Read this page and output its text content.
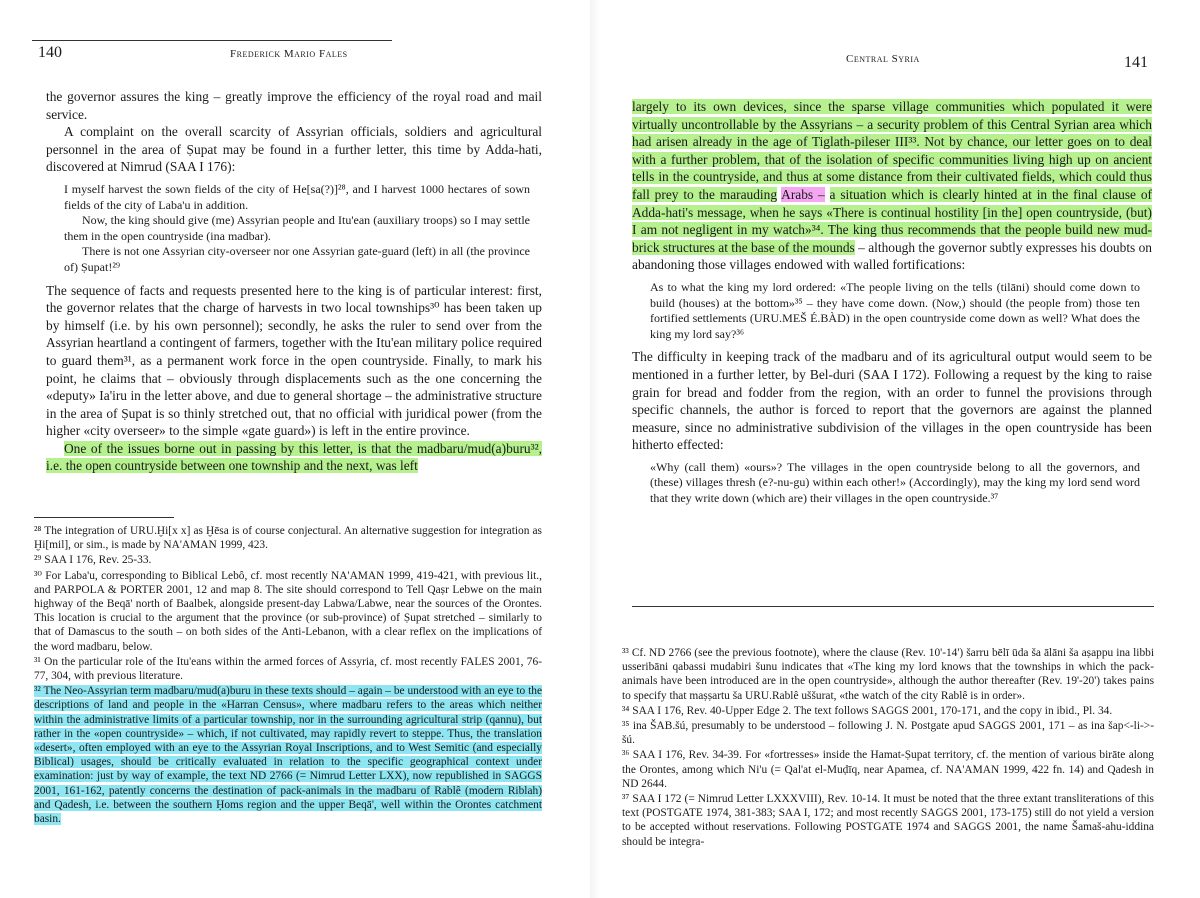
140	Frederick Mario Fales

the governor assures the king – greatly improve the efficiency of the royal road and mail service.

A complaint on the overall scarcity of Assyrian officials, soldiers and agricultural personnel in the area of Ṣupat may be found in a further letter, this time by Adda-hati, discovered at Nimrud (SAA I 176):

I myself harvest the sown fields of the city of He[sa(?)]²⁸, and I harvest 1000 hectares of sown fields of the city of Laba'u in addition.

Now, the king should give (me) Assyrian people and Itu'ean (auxiliary troops) so I may settle them in the open countryside (ina madbar).

There is not one Assyrian city-overseer nor one Assyrian gate-guard (left) in all (the province of) Ṣupat!²⁹

The sequence of facts and requests presented here to the king is of particular interest: first, the governor relates that the charge of harvests in two local townships³⁰ has been taken up by himself (i.e. by his own personnel); secondly, he asks the ruler to send over from the Assyrian heartland a contingent of farmers, together with the Itu'ean military police required to guard them³¹, as a permanent work force in the open countryside. Finally, to mark his point, he claims that – obviously through displacements such as the one concerning the «deputy» Ia'iru in the letter above, and due to general shortage – the administrative structure in the area of Ṣupat is so thinly stretched out, that no official with juridical power (from the higher «city overseer» to the simple «gate guard») is left in the entire province.

One of the issues borne out in passing by this letter, is that the madbaru/mud(a)buru³², i.e. the open countryside between one township and the next, was left

²⁸ The integration of URU.Ḫi[x x] as Ḫēsa is of course conjectural. An alternative suggestion for integration as Ḫi[mil], or sim., is made by NA'AMAN 1999, 423.

²⁹ SAA I 176, Rev. 25-33.

³⁰ For Laba'u, corresponding to Biblical Lebô, cf. most recently NA'AMAN 1999, 419-421, with previous lit., and PARPOLA & PORTER 2001, 12 and map 8. The site should correspond to Tell Qaṣr Lebwe on the main highway of the Beqā' north of Baalbek, alongside present-day Labwa/Labwe, near the sources of the Orontes. This location is crucial to the argument that the province (or sub-province) of Ṣupat stretched – similarly to that of Damascus to the south – on both sides of the Anti-Lebanon, with a clear reflex on the implications of the word madbaru, below.

³¹ On the particular role of the Itu'eans within the armed forces of Assyria, cf. most recently FALES 2001, 76-77, 304, with previous literature.

³² The Neo-Assyrian term madbaru/mud(a)buru in these texts should – again – be understood with an eye to the descriptions of land and people in the «Harran Census», where madbaru refers to the areas which neither within the administrative limits of a particular township, nor in the surrounding agricultural strip (qannu), but rather in the «open countryside» – which, if not cultivated, may rapidly revert to steppe. Thus, the translation «desert», often employed with an eye to the Assyrian Royal Inscriptions, and to West Semitic (and especially Biblical) usages, should be critically evaluated in relation to the specific geographical context under examination: just by way of example, the text ND 2766 (= Nimrud Letter LXX), now republished in SAGGS 2001, 161-162, patently concerns the destination of pack-animals in the madbaru of Rablê (modern Riblah) and Qadesh, i.e. between the southern Ḥoms region and the upper Beqā', well within the Orontes catchment basin.

Central Syria	141

largely to its own devices, since the sparse village communities which populated it were virtually uncontrollable by the Assyrians – a security problem of this Central Syrian area which had arisen already in the age of Tiglath-pileser III³³. Not by chance, our letter goes on to deal with a further problem, that of the isolation of specific communities living high up on ancient tells in the countryside, and thus at some distance from their cultivated fields, which could thus fall prey to the marauding Arabs – a situation which is clearly hinted at in the final clause of Adda-hati's message, when he says «There is continual hostility [in the] open countryside, (but) I am not negligent in my watch»³⁴. The king thus recommends that the people build new mud-brick structures at the base of the mounds – although the governor subtly expresses his doubts on abandoning those villages endowed with walled fortifications:

As to what the king my lord ordered: «The people living on the tells (tilāni) should come down to build (houses) at the bottom»³⁵ – they have come down. (Now,) should (the people from) those ten fortified settlements (URU.MEŠ É.BÀD) in the open countryside come down as well? What does the king my lord say?³⁶

The difficulty in keeping track of the madbaru and of its agricultural output would seem to be mentioned in a further letter, by Bel-duri (SAA I 172). Following a request by the king to raise grain for bread and fodder from the region, with an order to funnel the provisions through specific channels, the author is forced to report that the governors are against the planned measure, since no administrative subdivision of the villages in the open countryside has been hitherto effected:

«Why (call them) «ours»? The villages in the open countryside belong to all the governors, and (these) villages thresh (e?-nu-gu) within each other!» (Accordingly), may the king my lord send word that they write down (which are) their villages in the open countryside.³⁷

³³ Cf. ND 2766 (see the previous footnote), where the clause (Rev. 10'-14') šarru bēlī ūda ša ālāni ša aṣappu ina libbi usseribāni qabassi mudabiri šunu indicates that «The king my lord knows that the townships in which the pack-animals have been introduced are in the open countryside», although the author thereafter (Rev. 19'-20') takes pains to specify that maṣṣartu ša URU.Rablê uššurat, «the watch of the city Rablê is in order».

³⁴ SAA I 176, Rev. 40-Upper Edge 2. The text follows SAGGS 2001, 170-171, and the copy in ibid., Pl. 34.

³⁵ ina ŠAB.šú, presumably to be understood – following J. N. Postgate apud SAGGS 2001, 171 – as ina šap<-li->-šú.

³⁶ SAA I 176, Rev. 34-39. For «fortresses» inside the Hamat-Ṣupat territory, cf. the mention of various birāte along the Orontes, among which Ni'u (= Qal'at el-Muḍīq, near Apamea, cf. NA'AMAN 1999, 422 fn. 14) and Qadesh in ND 2644.

³⁷ SAA I 172 (= Nimrud Letter LXXXVIII), Rev. 10-14. It must be noted that the three extant transliterations of this text (POSTGATE 1974, 381-383; SAA I, 172; and most recently SAGGS 2001, 173-175) still do not yield a version to be accepted without reservations. Following POSTGATE 1974 and SAGGS 2001, the name Šamaš-ahu-iddina should be integra-
